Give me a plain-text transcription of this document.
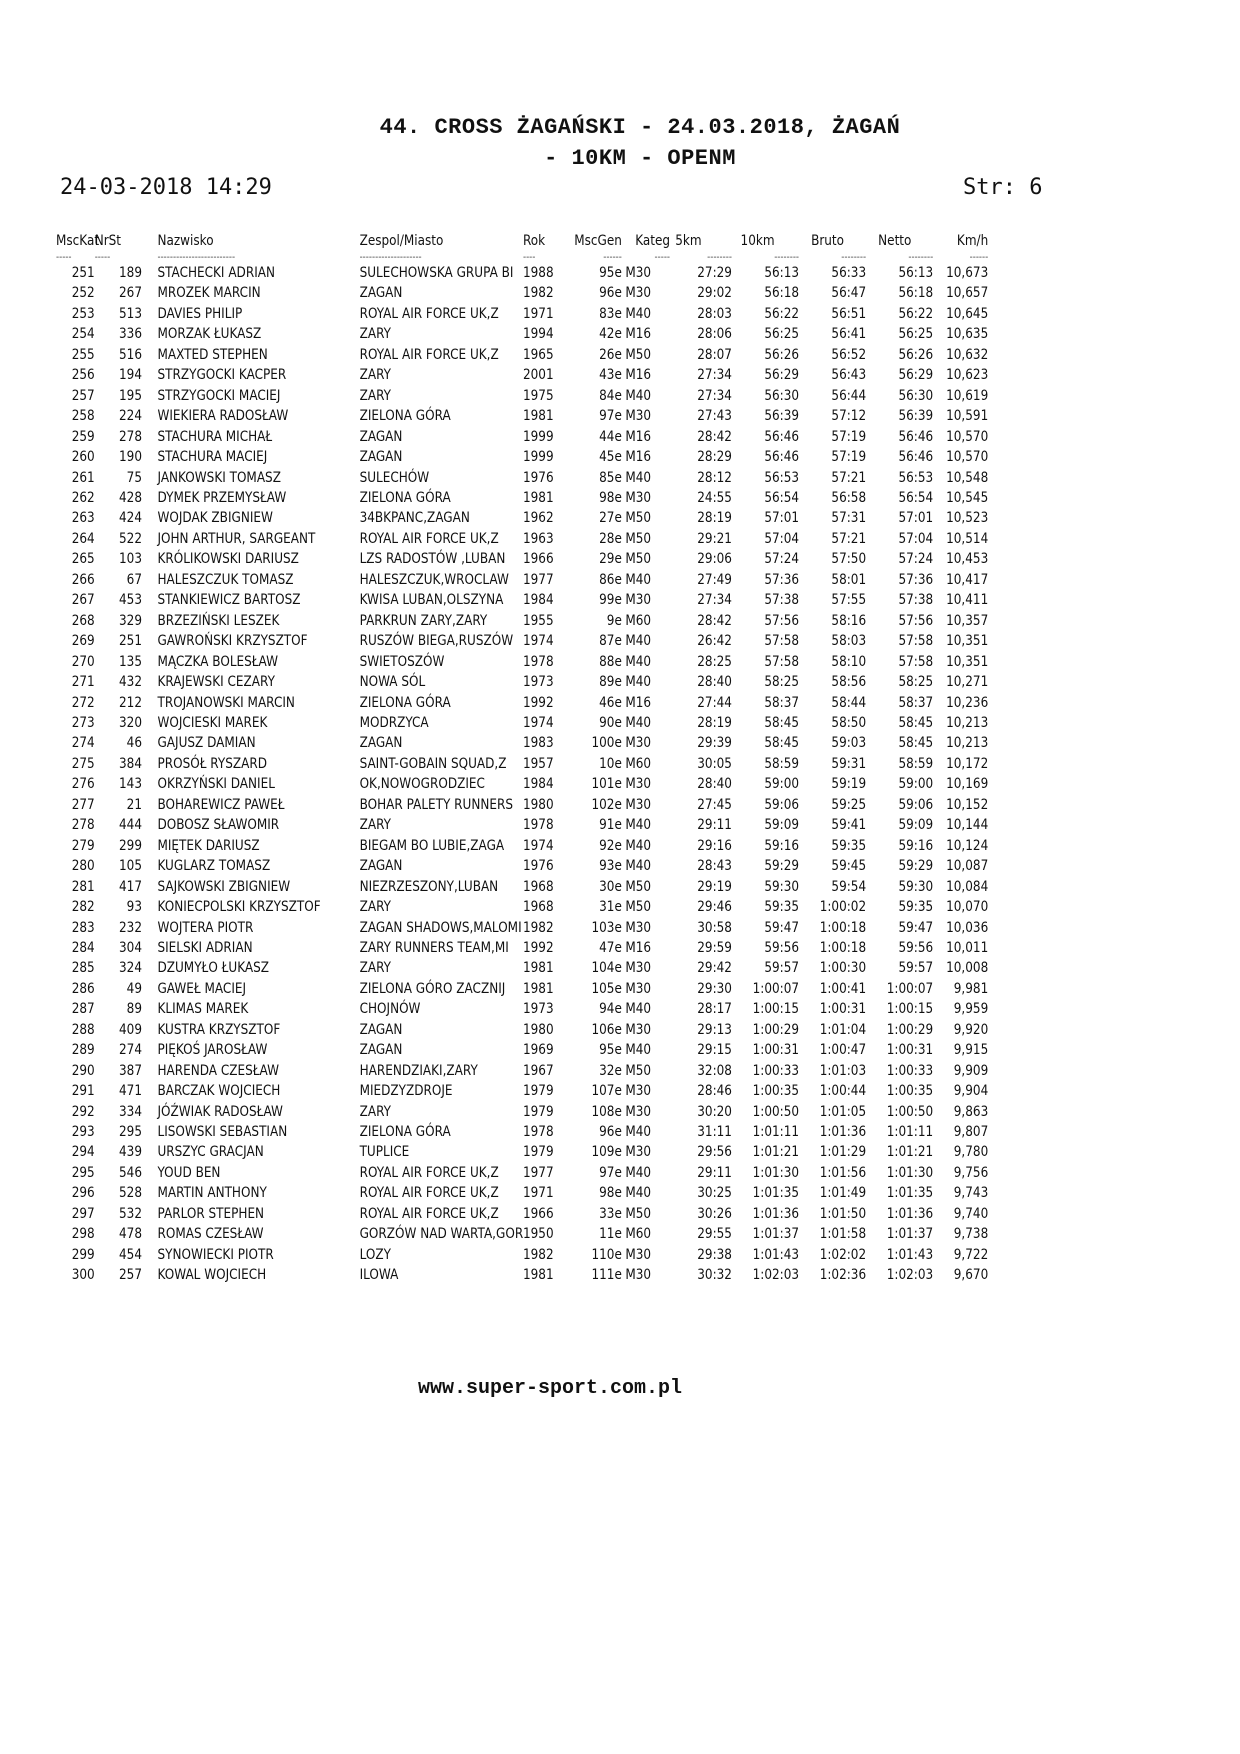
44. CROSS ŻAGAŃSKI - 24.03.2018, ŻAGAŃ
- 10KM - OPENM
24-03-2018 14:29	Str: 6
MscKat	NrSt		Nazwisko	Zespol/Miasto	Rok	MscGen	Kateg	5km	10km	Bruto	Netto	Km/h
-----	-----		-------------------------	--------------------	----	------	-----	--------	--------	--------	--------	------
251	189		STACHECKI ADRIAN	SULECHOWSKA GRUPA BI	1988	95e	M30	27:29	56:13	56:33	56:13	10,673
252	267		MROZEK MARCIN	ZAGAN	1982	96e	M30	29:02	56:18	56:47	56:18	10,657
253	513		DAVIES PHILIP	ROYAL AIR FORCE UK,Z	1971	83e	M40	28:03	56:22	56:51	56:22	10,645
254	336		MORZAK ŁUKASZ	ZARY	1994	42e	M16	28:06	56:25	56:41	56:25	10,635
255	516		MAXTED STEPHEN	ROYAL AIR FORCE UK,Z	1965	26e	M50	28:07	56:26	56:52	56:26	10,632
256	194		STRZYGOCKI KACPER	ZARY	2001	43e	M16	27:34	56:29	56:43	56:29	10,623
257	195		STRZYGOCKI MACIEJ	ZARY	1975	84e	M40	27:34	56:30	56:44	56:30	10,619
258	224		WIEKIERA RADOSŁAW	ZIELONA GÓRA	1981	97e	M30	27:43	56:39	57:12	56:39	10,591
259	278		STACHURA MICHAŁ	ZAGAN	1999	44e	M16	28:42	56:46	57:19	56:46	10,570
260	190		STACHURA MACIEJ	ZAGAN	1999	45e	M16	28:29	56:46	57:19	56:46	10,570
261	75		JANKOWSKI TOMASZ	SULECHÓW	1976	85e	M40	28:12	56:53	57:21	56:53	10,548
262	428		DYMEK PRZEMYSŁAW	ZIELONA GÓRA	1981	98e	M30	24:55	56:54	56:58	56:54	10,545
263	424		WOJDAK ZBIGNIEW	34BKPANC,ZAGAN	1962	27e	M50	28:19	57:01	57:31	57:01	10,523
264	522		JOHN ARTHUR, SARGEANT	ROYAL AIR FORCE UK,Z	1963	28e	M50	29:21	57:04	57:21	57:04	10,514
265	103		KRÓLIKOWSKI DARIUSZ	LZS RADOSTÓW ,LUBAN	1966	29e	M50	29:06	57:24	57:50	57:24	10,453
266	67		HALESZCZUK TOMASZ	HALESZCZUK,WROCLAW	1977	86e	M40	27:49	57:36	58:01	57:36	10,417
267	453		STANKIEWICZ BARTOSZ	KWISA LUBAN,OLSZYNA	1984	99e	M30	27:34	57:38	57:55	57:38	10,411
268	329		BRZEZIŃSKI LESZEK	PARKRUN ZARY,ZARY	1955	9e	M60	28:42	57:56	58:16	57:56	10,357
269	251		GAWROŃSKI KRZYSZTOF	RUSZÓW BIEGA,RUSZÓW	1974	87e	M40	26:42	57:58	58:03	57:58	10,351
270	135		MĄCZKA BOLESŁAW	SWIETOSZÓW	1978	88e	M40	28:25	57:58	58:10	57:58	10,351
271	432		KRAJEWSKI CEZARY	NOWA SÓL	1973	89e	M40	28:40	58:25	58:56	58:25	10,271
272	212		TROJANOWSKI MARCIN	ZIELONA GÓRA	1992	46e	M16	27:44	58:37	58:44	58:37	10,236
273	320		WOJCIESKI MAREK	MODRZYCA	1974	90e	M40	28:19	58:45	58:50	58:45	10,213
274	46		GAJUSZ DAMIAN	ZAGAN	1983	100e	M30	29:39	58:45	59:03	58:45	10,213
275	384		PROSÓŁ RYSZARD	SAINT-GOBAIN SQUAD,Z	1957	10e	M60	30:05	58:59	59:31	58:59	10,172
276	143		OKRZYŃSKI DANIEL	OK,NOWOGRODZIEC	1984	101e	M30	28:40	59:00	59:19	59:00	10,169
277	21		BOHAREWICZ PAWEŁ	BOHAR PALETY RUNNERS	1980	102e	M30	27:45	59:06	59:25	59:06	10,152
278	444		DOBOSZ SŁAWOMIR	ZARY	1978	91e	M40	29:11	59:09	59:41	59:09	10,144
279	299		MIĘTEK DARIUSZ	BIEGAM BO LUBIE,ZAGA	1974	92e	M40	29:16	59:16	59:35	59:16	10,124
280	105		KUGLARZ TOMASZ	ZAGAN	1976	93e	M40	28:43	59:29	59:45	59:29	10,087
281	417		SAJKOWSKI ZBIGNIEW	NIEZRZESZONY,LUBAN	1968	30e	M50	29:19	59:30	59:54	59:30	10,084
282	93		KONIECPOLSKI KRZYSZTOF	ZARY	1968	31e	M50	29:46	59:35	1:00:02	59:35	10,070
283	232		WOJTERA PIOTR	ZAGAN SHADOWS,MALOMI	1982	103e	M30	30:58	59:47	1:00:18	59:47	10,036
284	304		SIELSKI ADRIAN	ZARY RUNNERS TEAM,MI	1992	47e	M16	29:59	59:56	1:00:18	59:56	10,011
285	324		DZUMYŁO ŁUKASZ	ZARY	1981	104e	M30	29:42	59:57	1:00:30	59:57	10,008
286	49		GAWEŁ MACIEJ	ZIELONA GÓRO ZACZNIJ	1981	105e	M30	29:30	1:00:07	1:00:41	1:00:07	9,981
287	89		KLIMAS MAREK	CHOJNÓW	1973	94e	M40	28:17	1:00:15	1:00:31	1:00:15	9,959
288	409		KUSTRA KRZYSZTOF	ZAGAN	1980	106e	M30	29:13	1:00:29	1:01:04	1:00:29	9,920
289	274		PIĘKOŚ JAROSŁAW	ZAGAN	1969	95e	M40	29:15	1:00:31	1:00:47	1:00:31	9,915
290	387		HARENDA CZESŁAW	HARENDZIAKI,ZARY	1967	32e	M50	32:08	1:00:33	1:01:03	1:00:33	9,909
291	471		BARCZAK WOJCIECH	MIEDZYZDROJE	1979	107e	M30	28:46	1:00:35	1:00:44	1:00:35	9,904
292	334		JÓŹWIAK RADOSŁAW	ZARY	1979	108e	M30	30:20	1:00:50	1:01:05	1:00:50	9,863
293	295		LISOWSKI SEBASTIAN	ZIELONA GÓRA	1978	96e	M40	31:11	1:01:11	1:01:36	1:01:11	9,807
294	439		URSZYC GRACJAN	TUPLICE	1979	109e	M30	29:56	1:01:21	1:01:29	1:01:21	9,780
295	546		YOUD BEN	ROYAL AIR FORCE UK,Z	1977	97e	M40	29:11	1:01:30	1:01:56	1:01:30	9,756
296	528		MARTIN ANTHONY	ROYAL AIR FORCE UK,Z	1971	98e	M40	30:25	1:01:35	1:01:49	1:01:35	9,743
297	532		PARLOR STEPHEN	ROYAL AIR FORCE UK,Z	1966	33e	M50	30:26	1:01:36	1:01:50	1:01:36	9,740
298	478		ROMAS CZESŁAW	GORZÓW NAD WARTA,GOR	1950	11e	M60	29:55	1:01:37	1:01:58	1:01:37	9,738
299	454		SYNOWIECKI PIOTR	LOZY	1982	110e	M30	29:38	1:01:43	1:02:02	1:01:43	9,722
300	257		KOWAL WOJCIECH	ILOWA	1981	111e	M30	30:32	1:02:03	1:02:36	1:02:03	9,670
www.super-sport.com.pl
